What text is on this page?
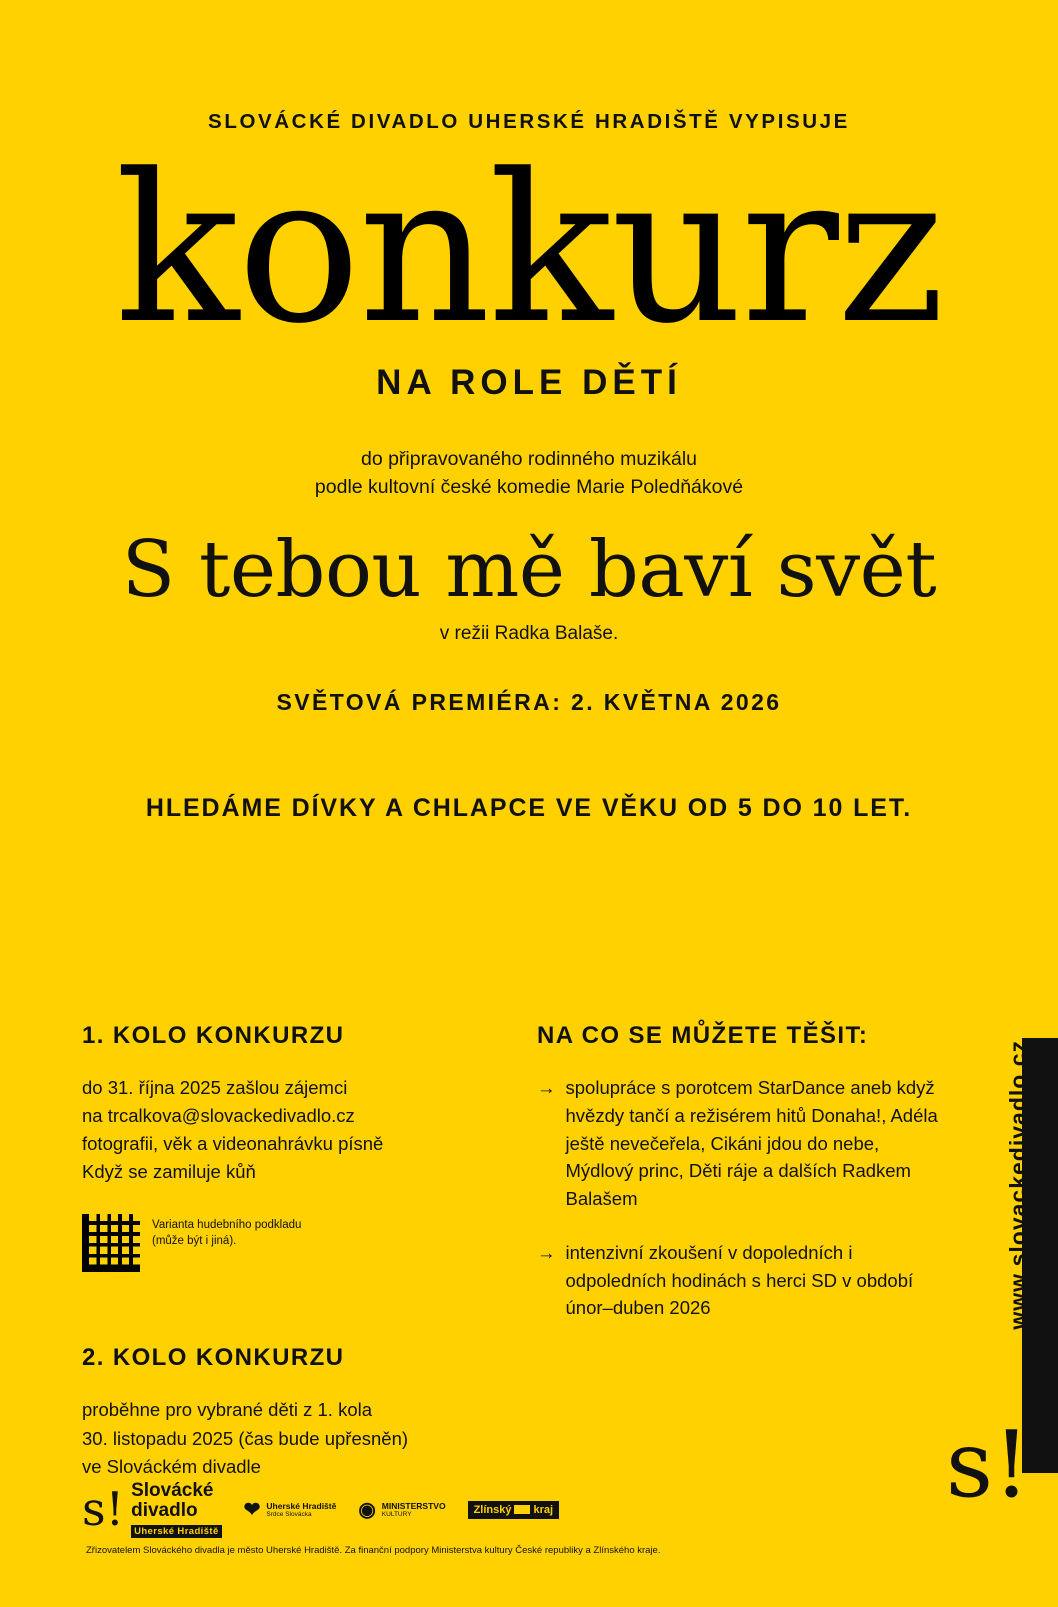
SLOVÁCKÉ DIVADLO UHERSKÉ HRADIŠTĚ VYPISUJE
konkurz
NA ROLE DĚTÍ
do připravovaného rodinného muzikálu
podle kultovní české komedie Marie Poledňákové
S tebou mě baví svět
v režii Radka Balaše.
SVĚTOVÁ PREMIÉRA: 2. KVĚTNA 2026
HLEDÁME DÍVKY A CHLAPCE VE VĚKU OD 5 DO 10 LET.
1. KOLO KONKURZU
do 31. října 2025 zašlou zájemci
na trcalkova@slovackedivadlo.cz
fotografii, věk a videonahrávku písně
Když se zamiluje kůň
Varianta hudebního podkladu
(může být i jiná).
2. KOLO KONKURZU
proběhne pro vybrané děti z 1. kola
30. listopadu 2025 (čas bude upřesněn)
ve Slováckém divadle
NA CO SE MŮŽETE TĚŠIT:
→ spolupráce s porotcem StarDance aneb když hvězdy tančí a režisérem hitů Donaha!, Adéla ještě nevečeřela, Cikáni jdou do nebe, Mýdlový princ, Děti ráje a dalších Radkem Balašem
→ intenzivní zkoušení v dopoledních i odpoledních hodinách s herci SD v období únor–duben 2026	www.slovackedivadlo.cz
s!
s! Slovácké
divadlo
Uherské Hradiště
❤ Uherské Hradiště
Srdce Slovácka	◉ MINISTERSTVO
KULTURY	Zlínský kraj
Zřizovatelem Slováckého divadla je město Uherské Hradiště. Za finanční podpory Ministerstva kultury České republiky a Zlínského kraje.
